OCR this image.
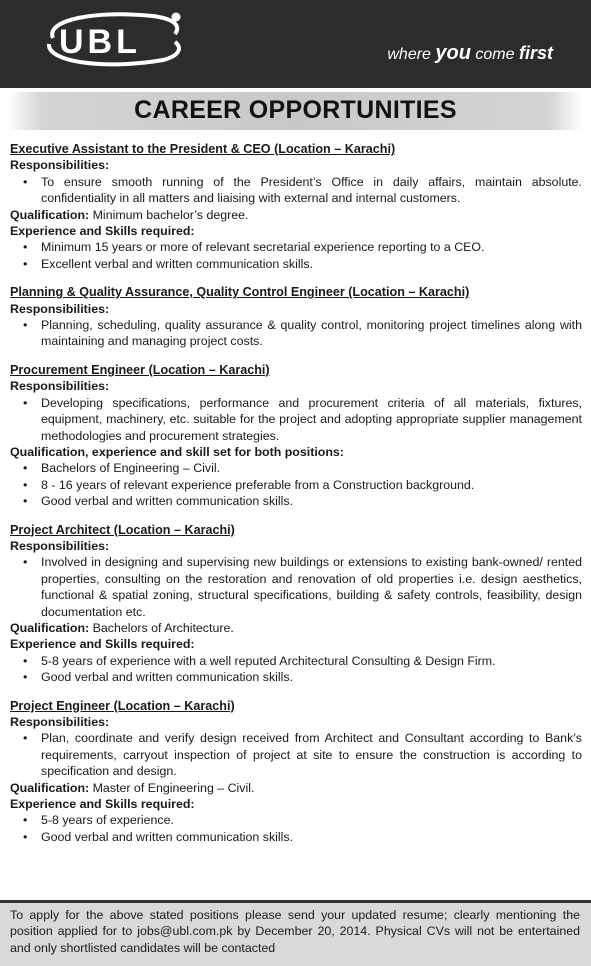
UBL	where you come first
CAREER OPPORTUNITIES
Executive Assistant to the President & CEO (Location – Karachi)
Responsibilities:
• To ensure smooth running of the President’s Office in daily affairs, maintain absolute. confidentiality in all matters and liaising with external and internal customers.

Qualification: Minimum bachelor’s degree.

Experience and Skills required:
• Minimum 15 years or more of relevant secretarial experience reporting to a CEO.
• Excellent verbal and written communication skills.
Planning & Quality Assurance, Quality Control Engineer (Location – Karachi)
Responsibilities:
• Planning, scheduling, quality assurance & quality control, monitoring project timelines along with maintaining and managing project costs.
Procurement Engineer (Location – Karachi)
Responsibilities:
• Developing specifications, performance and procurement criteria of all materials, fixtures, equipment, machinery, etc. suitable for the project and adopting appropriate supplier management methodologies and procurement strategies.
Qualification, experience and skill set for both positions:
• Bachelors of Engineering – Civil.
• 8 - 16 years of relevant experience preferable from a Construction background.
• Good verbal and written communication skills.
Project Architect (Location – Karachi)
Responsibilities:
• Involved in designing and supervising new buildings or extensions to existing bank-owned/ rented properties, consulting on the restoration and renovation of old properties i.e. design aesthetics, functional & spatial zoning, structural specifications, building & safety controls, feasibility, design documentation etc.

Qualification: Bachelors of Architecture.

Experience and Skills required:
• 5-8 years of experience with a well reputed Architectural Consulting & Design Firm.
• Good verbal and written communication skills.
Project Engineer (Location – Karachi)
Responsibilities:
• Plan, coordinate and verify design received from Architect and Consultant according to Bank’s requirements, carryout inspection of project at site to ensure the construction is according to specification and design.

Qualification: Master of Engineering – Civil.

Experience and Skills required:
• 5-8 years of experience.
• Good verbal and written communication skills.
To apply for the above stated positions please send your updated resume; clearly mentioning the position applied for to jobs@ubl.com.pk by December 20, 2014. Physical CVs will not be entertained and only shortlisted candidates will be contacted
